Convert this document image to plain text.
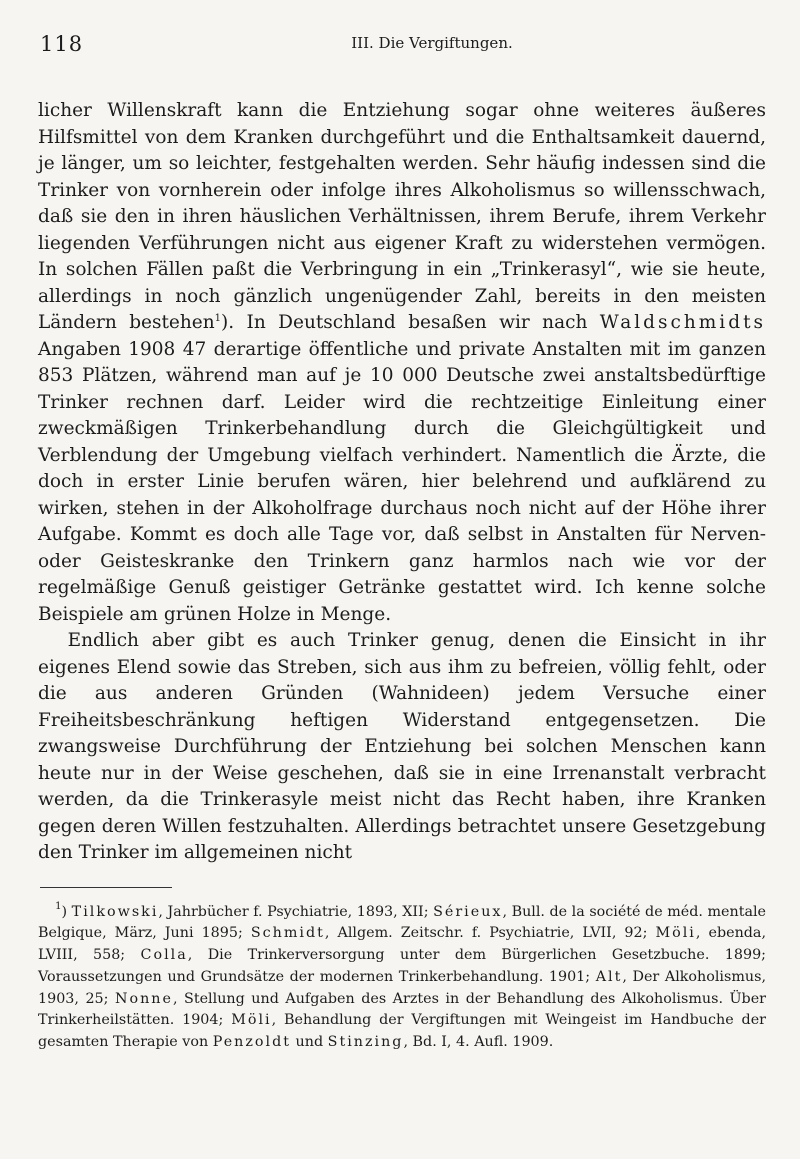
118	III. Die Vergiftungen.

licher Willenskraft kann die Entziehung sogar ohne weiteres äußeres Hilfsmittel von dem Kranken durchgeführt und die Enthaltsamkeit dauernd, je länger, um so leichter, festgehalten werden. Sehr häufig indessen sind die Trinker von vornherein oder infolge ihres Alkoholismus so willensschwach, daß sie den in ihren häuslichen Verhältnissen, ihrem Berufe, ihrem Verkehr liegenden Verführungen nicht aus eigener Kraft zu widerstehen vermögen. In solchen Fällen paßt die Verbringung in ein „Trinkerasyl“, wie sie heute, allerdings in noch gänzlich ungenügender Zahl, bereits in den meisten Ländern bestehen$^1$). In Deutschland besaßen wir nach Waldschmidts Angaben 1908 47 derartige öffentliche und private Anstalten mit im ganzen 853 Plätzen, während man auf je 10 000 Deutsche zwei anstaltsbedürftige Trinker rechnen darf. Leider wird die rechtzeitige Einleitung einer zweckmäßigen Trinkerbehandlung durch die Gleichgültigkeit und Verblendung der Umgebung vielfach verhindert. Namentlich die Ärzte, die doch in erster Linie berufen wären, hier belehrend und aufklärend zu wirken, stehen in der Alkoholfrage durchaus noch nicht auf der Höhe ihrer Aufgabe. Kommt es doch alle Tage vor, daß selbst in Anstalten für Nerven- oder Geisteskranke den Trinkern ganz harmlos nach wie vor der regelmäßige Genuß geistiger Getränke gestattet wird. Ich kenne solche Beispiele am grünen Holze in Menge.

Endlich aber gibt es auch Trinker genug, denen die Einsicht in ihr eigenes Elend sowie das Streben, sich aus ihm zu befreien, völlig fehlt, oder die aus anderen Gründen (Wahnideen) jedem Versuche einer Freiheitsbeschränkung heftigen Widerstand entgegensetzen. Die zwangsweise Durchführung der Entziehung bei solchen Menschen kann heute nur in der Weise geschehen, daß sie in eine Irrenanstalt verbracht werden, da die Trinkerasyle meist nicht das Recht haben, ihre Kranken gegen deren Willen festzuhalten. Allerdings betrachtet unsere Gesetzgebung den Trinker im allgemeinen nicht

$^1$) Tilkowski, Jahrbücher f. Psychiatrie, 1893, XII; Sérieux, Bull. de la société de méd. mentale Belgique, März, Juni 1895; Schmidt, Allgem. Zeitschr. f. Psychiatrie, LVII, 92; Möli, ebenda, LVIII, 558; Colla, Die Trinkerversorgung unter dem Bürgerlichen Gesetzbuche. 1899; Voraussetzungen und Grundsätze der modernen Trinkerbehandlung. 1901; Alt, Der Alkoholismus, 1903, 25; Nonne, Stellung und Aufgaben des Arztes in der Behandlung des Alkoholismus. Über Trinkerheilstätten. 1904; Möli, Behandlung der Vergiftungen mit Weingeist im Handbuche der gesamten Therapie von Penzoldt und Stinzing, Bd. I, 4. Aufl. 1909.
